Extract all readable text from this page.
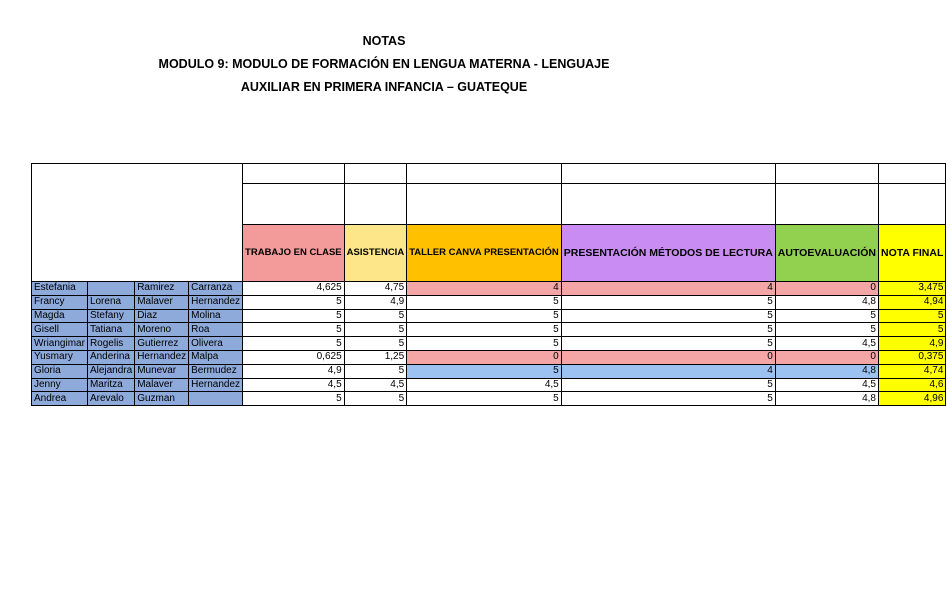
NOTAS
MODULO 9: MODULO DE FORMACIÓN EN LENGUA MATERNA - LENGUAJE
AUXILIAR EN PRIMERA INFANCIA – GUATEQUE

				TRABAJO EN CLASE	ASISTENCIA	TALLER CANVA PRESENTACIÓN	PRESENTACIÓN MÉTODOS DE LECTURA	AUTOEVALUACIÓN	NOTA FINAL
Estefania		Ramirez	Carranza	4,625	4,75	4	4	0	3,475
Francy	Lorena	Malaver	Hernandez	5	4,9	5	5	4,8	4,94
Magda	Stefany	Diaz	Molina	5	5	5	5	5	5
Gisell	Tatiana	Moreno	Roa	5	5	5	5	5	5
Wriangimar	Rogelis	Gutierrez	Olivera	5	5	5	5	4,5	4,9
Yusmary	Anderina	Hernandez	Malpa	0,625	1,25	0	0	0	0,375
Gloria	Alejandra	Munevar	Bermudez	4,9	5	5	4	4,8	4,74
Jenny	Maritza	Malaver	Hernandez	4,5	4,5	4,5	5	4,5	4,6
Andrea	Arevalo	Guzman		5	5	5	5	4,8	4,96
